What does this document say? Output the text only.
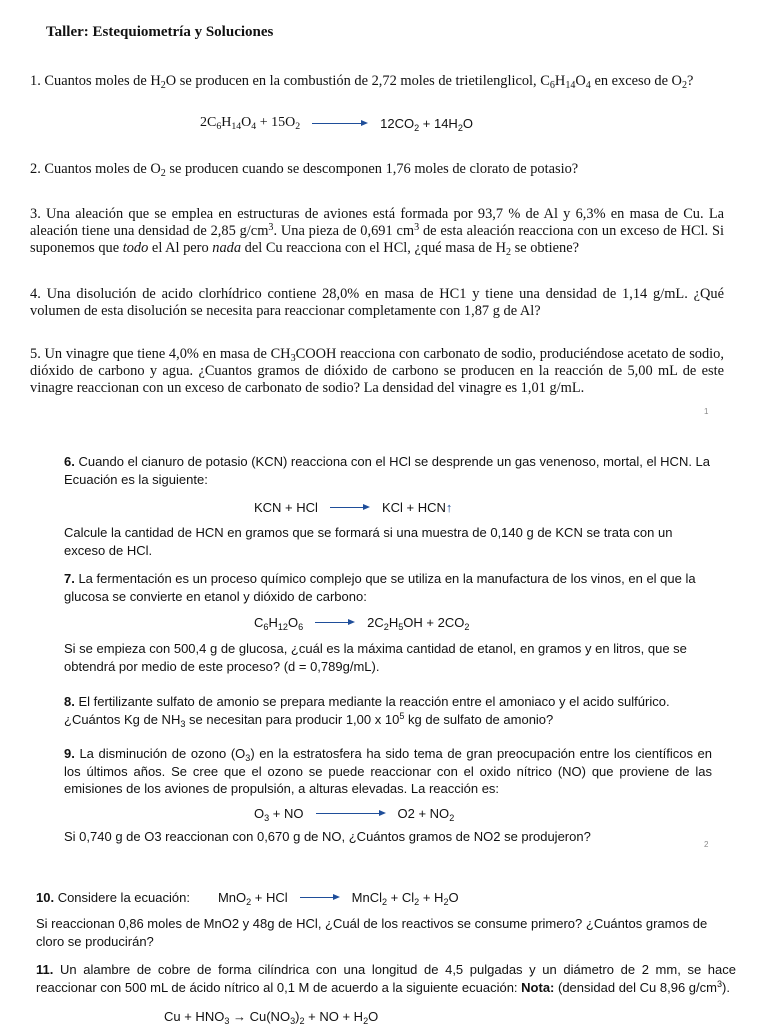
Taller: Estequiometría y Soluciones

1. Cuantos moles de $H_2O$ se producen en la combustión de 2,72 moles de trietilenglicol, $C_6H_{14}O_4$ en exceso de $O_2$?

$2C_6H_{14}O_4 + 15O_2$	$12CO_2 + 14H_2O$

2. Cuantos moles de $O_2$ se producen cuando se descomponen 1,76 moles de clorato de potasio?

3. Una aleación que se emplea en estructuras de aviones está formada por 93,7 % de Al y 6,3% en masa de Cu. La aleación tiene una densidad de 2,85 $g/cm^3$. Una pieza de 0,691 $cm^3$ de esta aleación reacciona con un exceso de HCl. Si suponemos que todo el Al pero nada del Cu reacciona con el HCl, ¿qué masa de $H_2$ se obtiene?

4. Una disolución de acido clorhídrico contiene 28,0% en masa de HC1 y tiene una densidad de 1,14 g/mL. ¿Qué volumen de esta disolución se necesita para reaccionar completamente con 1,87 g de Al?

5. Un vinagre que tiene 4,0% en masa de $CH_3COOH$ reacciona con carbonato de sodio, produciéndose acetato de sodio, dióxido de carbono y agua. ¿Cuantos gramos de dióxido de carbono se producen en la reacción de 5,00 mL de este vinagre reaccionan con un exceso de carbonato de sodio? La densidad del vinagre es 1,01 g/mL.

1

6. Cuando el cianuro de potasio (KCN) reacciona con el HCl se desprende un gas venenoso, mortal, el HCN. La Ecuación es la siguiente:

KCN + HCl	KCl + HCN↑

Calcule la cantidad de HCN en gramos que se formará si una muestra de 0,140 g de KCN se trata con un exceso de HCl.

7. La fermentación es un proceso químico complejo que se utiliza en la manufactura de los vinos, en el que la glucosa se convierte en etanol y dióxido de carbono:

$C_6H_{12}O_6$	$2C_2H_5OH + 2CO_2$

Si se empieza con 500,4 g de glucosa, ¿cuál es la máxima cantidad de etanol, en gramos y en litros, que se obtendrá por medio de este proceso? (d = 0,789g/mL).

8. El fertilizante sulfato de amonio se prepara mediante la reacción entre el amoniaco y el acido sulfúrico. ¿Cuántos Kg de $NH_3$ se necesitan para producir 1,00 x $10^5$ kg de sulfato de amonio?

9. La disminución de ozono $(O_3)$ en la estratosfera ha sido tema de gran preocupación entre los científicos en los últimos años. Se cree que el ozono se puede reaccionar con el oxido nítrico (NO) que proviene de las emisiones de los aviones de propulsión, a alturas elevadas. La reacción es:

$O_3$ + NO	$O2 + NO_2$

Si 0,740 g de O3 reaccionan con 0,670 g de NO, ¿Cuántos gramos de NO2 se produjeron?

2
10. Considere la ecuación: MnO$_2$ + HCl	MnCl$_2$ + $Cl_2 + H_2O$

Si reaccionan 0,86 moles de MnO2 y 48g de HCl, ¿Cuál de los reactivos se consume primero? ¿Cuántos gramos de cloro se producirán?

11. Un alambre de cobre de forma cilíndrica con una longitud de 4,5 pulgadas y un diámetro de 2 mm, se hace reaccionar con 500 mL de ácido nítrico al 0,1 M de acuerdo a la siguiente ecuación: Nota: (densidad del Cu 8,96 $g/cm^3$).

$Cu + HNO_3 \to Cu(NO_3)_2$ + NO + $H_2O$
